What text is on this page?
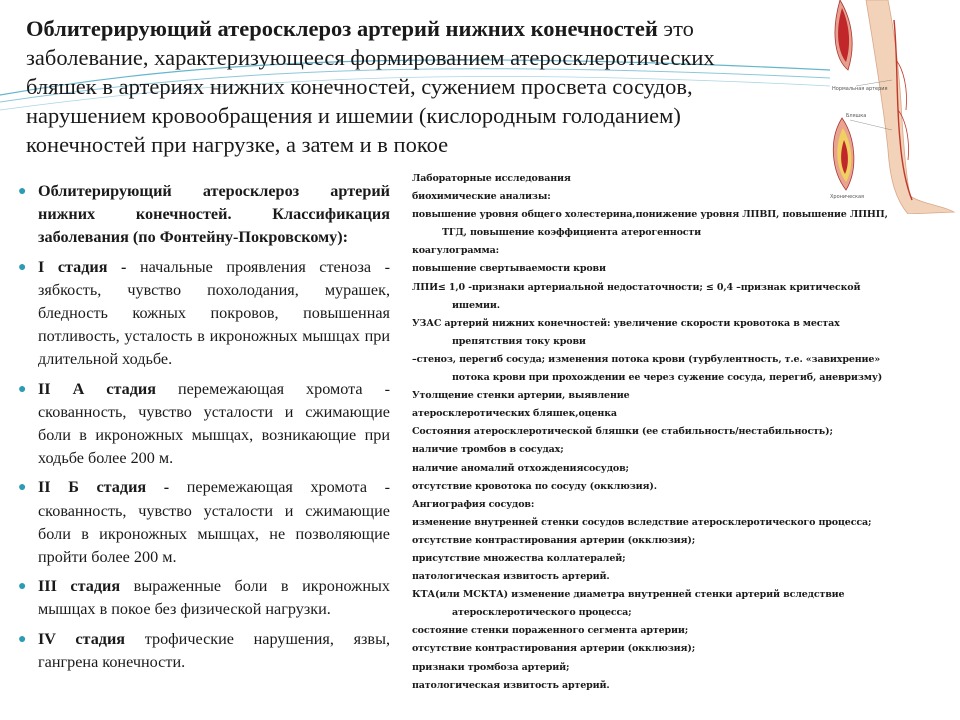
Облитерирующий атеросклероз артерий нижних конечностей это
заболевание, характеризующееся формированием атеросклеротических
бляшек в артериях нижних конечностей, сужением просвета сосудов,
нарушением кровообращения и ишемии (кислородным голоданием)
конечностей при нагрузке, а затем и в покое
Нормальная артерия
Бляшка
Хроническая
● Облитерирующий атеросклероз артерий нижних конечностей. Классификация заболевания (по Фонтейну-Покровскому):
● I стадия - начальные проявления стеноза - зябкость, чувство похолодания, мурашек, бледность кожных покровов, повышенная потливость, усталость в икроножных мышцах при длительной ходьбе.
● II А стадия перемежающая хромота - скованность, чувство усталости и сжимающие боли в икроножных мышцах, возникающие при ходьбе более 200 м.
● II Б стадия - перемежающая хромота - скованность, чувство усталости и сжимающие боли в икроножных мышцах, не позволяющие пройти более 200 м.
● III стадия выраженные боли в икроножных мышцах в покое без физической нагрузки.
● IV стадия трофические нарушения, язвы, гангрена конечности.
Лабораторные исследования
биохимические анализы:
повышение уровня общего холестерина,понижение уровня ЛПВП, повышение ЛПНП,
ТГД, повышение коэффициента атерогенности
коагулограмма:
повышение свертываемости крови
ЛПИ≤ 1,0 -признаки артериальной недостаточности; ≤ 0,4 –признак критической
ишемии.
УЗАС артерий нижних конечностей: увеличение скорости кровотока в местах
препятствия току крови
–стеноз, перегиб сосуда; изменения потока крови (турбулентность, т.е. «завихрение»
потока крови при прохождении ее через сужение сосуда, перегиб, аневризму)
Утолщение стенки артерии, выявление
атеросклеротических бляшек,оценка
Состояния атеросклеротической бляшки (ее стабильность/нестабильность);
наличие тромбов в сосудах;
наличие аномалий отхождениясосудов;
отсутствие кровотока по сосуду (окклюзия).
Ангиография сосудов:
изменение внутренней стенки сосудов вследствие атеросклеротического процесса;
отсутствие контрастирования артерии (окклюзия);
присутствие множества коллатералей;
патологическая извитость артерий.
КТА(или МСКТА) изменение диаметра внутренней стенки артерий вследствие
атеросклеротического процесса;
состояние стенки пораженного сегмента артерии;
отсутствие контрастирования артерии (окклюзия);
признаки тромбоза артерий;
патологическая извитость артерий.
